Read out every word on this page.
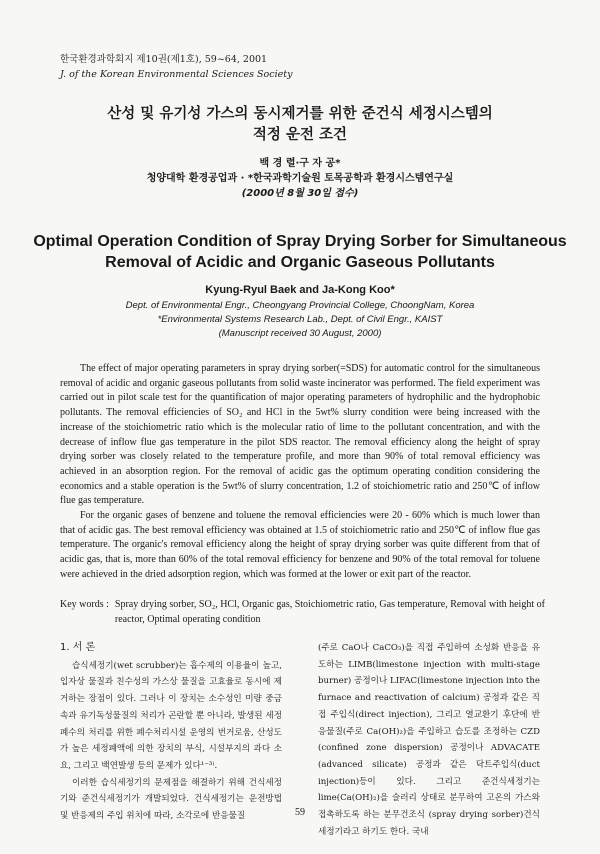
한국환경과학회지 제10권(제1호), 59~64, 2001
J. of the Korean Environmental Sciences Society
산성 및 유기성 가스의 동시제거를 위한 준건식 세정시스템의
적정 운전 조건
백 경 렬·구 자 공*
청양대학 환경공업과 · *한국과학기술원 토목공학과 환경시스템연구실
(2000년 8월 30일 접수)
Optimal Operation Condition of Spray Drying Sorber for Simultaneous
Removal of Acidic and Organic Gaseous Pollutants
Kyung-Ryul Baek and Ja-Kong Koo*
Dept. of Environmental Engr., Cheongyang Provincial College, ChoongNam, Korea
*Environmental Systems Research Lab., Dept. of Civil Engr., KAIST
(Manuscript received 30 August, 2000)

The effect of major operating parameters in spray drying sorber(=SDS) for automatic control for the simultaneous removal of acidic and organic gaseous pollutants from solid waste incinerator was performed. The field experiment was carried out in pilot scale test for the quantification of major operating parameters of hydrophilic and the hydrophobic pollutants. The removal efficiencies of SO₂ and HCl in the 5wt% slurry condition were being increased with the increase of the stoichiometric ratio which is the molecular ratio of lime to the pollutant concentration, and with the decrease of inflow flue gas temperature in the pilot SDS reactor. The removal efficiency along the height of spray drying sorber was closely related to the temperature profile, and more than 90% of total removal efficiency was achieved in an absorption region. For the removal of acidic gas the optimum operating condition considering the economics and a stable operation is the 5wt% of slurry concentration, 1.2 of stoichiometric ratio and 250℃ of inflow flue gas temperature.

For the organic gases of benzene and toluene the removal efficiencies were 20 - 60% which is much lower than that of acidic gas. The best removal efficiency was obtained at 1.5 of stoichiometric ratio and 250℃ of inflow flue gas temperature. The organic's removal efficiency along the height of spray drying sorber was quite different from that of acidic gas, that is, more than 60% of the total removal efficiency for benzene and 90% of the total removal for toluene were achieved in the dried adsorption region, which was formed at the lower or exit part of the reactor.

Key words : Spray drying sorber, SO₂, HCl, Organic gas, Stoichiometric ratio, Gas temperature, Removal with height of reactor, Optimal operating condition
1. 서 론

습식세정기(wet scrubber)는 흡수제의 이용율이 높고, 입자상 물질과 친수성의 가스상 물질을 고효율로 동시에 제거하는 장점이 있다. 그러나 이 장치는 소수성인 미량 중금속과 유기독성물질의 처리가 곤란할 뿐 아니라, 발생된 세정폐수의 처리를 위한 폐수처리시설 운영의 번거로움, 산성도가 높은 세정폐액에 의한 장치의 부식, 시설부지의 과다 소요, 그리고 백연발생 등의 문제가 있다¹⁻³⁾.

이러한 습식세정기의 문제점을 해결하기 위해 건식세정기와 준건식세정기가 개발되었다. 건식세정기는 운전방법 및 반응제의 주입 위치에 따라, 소각로에 반응물질

(주로 CaO나 CaCO₃)을 직접 주입하여 소성화 반응을 유도하는 LIMB(limestone injection with multi-stage burner) 공정이나 LIFAC(limestone injection into the furnace and reactivation of calcium) 공정과 같은 직접 주입식(direct injection), 그리고 열교환기 후단에 반응물질(주로 Ca(OH)₂)을 주입하고 습도를 조정하는 CZD (confined zone dispersion) 공정이나 ADVACATE (advanced silicate) 공정과 같은 닥트주입식(duct injection)등이 있다. 그리고 준건식세정기는 lime(Ca(OH)₂)을 슬러리 상태로 분무하여 고온의 가스와 접촉하도록 하는 분무건조식 (spray drying sorber)건식세정기라고 하기도 한다. 국내

59
